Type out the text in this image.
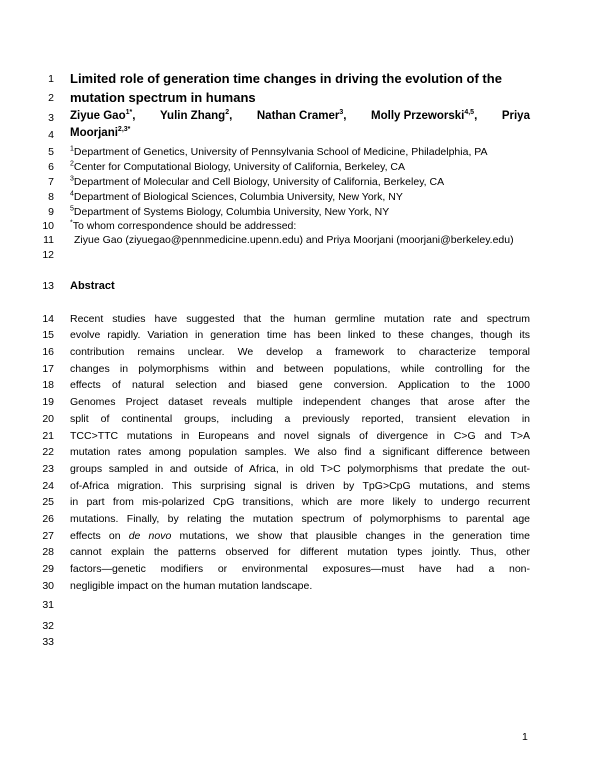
1
2
3
4
5
6
7
8
9
10
11
12
13
14
15
16
17
18
19
20
21
22
23
24
25
26
27
28
29
30
31
32
33
Limited role of generation time changes in driving the evolution of the
mutation spectrum in humans
Ziyue Gao$^{1*}$, Yulin Zhang$^2$, Nathan Cramer$^3$, Molly Przeworski$^{4,5}$, Priya
Moorjani$^{2,3*}$
$^1$Department of Genetics, University of Pennsylvania School of Medicine, Philadelphia, PA
$^2$Center for Computational Biology, University of California, Berkeley, CA
$^3$Department of Molecular and Cell Biology, University of California, Berkeley, CA
$^4$Department of Biological Sciences, Columbia University, New York, NY
$^5$Department of Systems Biology, Columbia University, New York, NY
*To whom correspondence should be addressed:
Ziyue Gao (ziyuegao@pennmedicine.upenn.edu) and Priya Moorjani (moorjani@berkeley.edu)
Abstract
Recent studies have suggested that the human germline mutation rate and spectrum
evolve rapidly. Variation in generation time has been linked to these changes, though its
contribution remains unclear. We develop a framework to characterize temporal
changes in polymorphisms within and between populations, while controlling for the
effects of natural selection and biased gene conversion. Application to the 1000
Genomes Project dataset reveals multiple independent changes that arose after the
split of continental groups, including a previously reported, transient elevation in
TCC>TTC mutations in Europeans and novel signals of divergence in C>G and T>A
mutation rates among population samples. We also find a significant difference between
groups sampled in and outside of Africa, in old T>C polymorphisms that predate the out-
of-Africa migration. This surprising signal is driven by TpG>CpG mutations, and stems
in part from mis-polarized CpG transitions, which are more likely to undergo recurrent
mutations. Finally, by relating the mutation spectrum of polymorphisms to parental age
effects on de novo mutations, we show that plausible changes in the generation time
cannot explain the patterns observed for different mutation types jointly. Thus, other
factors—genetic modifiers or environmental exposures—must have had a non-
negligible impact on the human mutation landscape.
1
